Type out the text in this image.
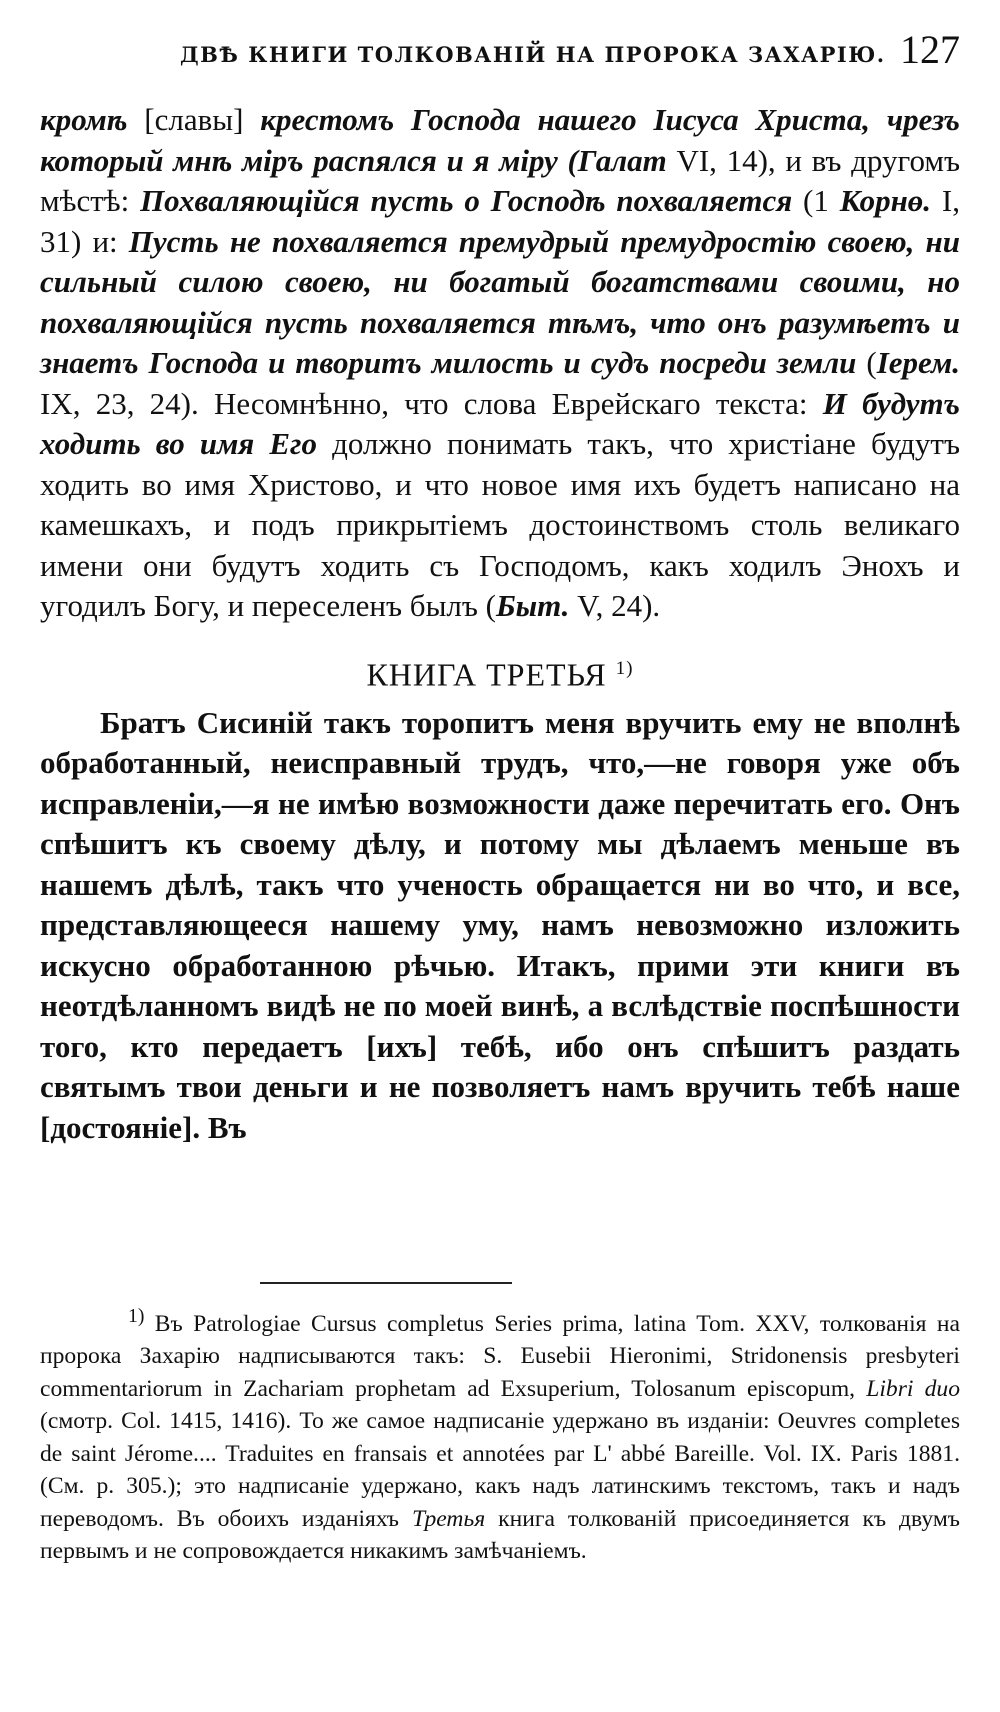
ДВѢ КНИГИ ТОЛКОВАНІЙ НА ПРОРОКА ЗАХАРІЮ. 127

кромѣ [славы] крестомъ Господа нашего Іисуса Христа, чрезъ который мнѣ міръ распялся и я міру (Галат VI, 14), и въ другомъ мѣстѣ: Похваляющійся пусть о Господѣ похваляется (1 Корнө. I, 31) и: Пусть не похваляется премудрый премудростію своею, ни сильный силою своею, ни богатый богатствами своими, но похваляющійся пусть похваляется тѣмъ, что онъ разумѣетъ и знаетъ Господа и творитъ милость и судъ посреди земли (Iерем. IX, 23, 24). Несомнѣнно, что слова Еврейскаго текста: И будутъ ходить во имя Его должно понимать такъ, что христіане будутъ ходить во имя Христово, и что новое имя ихъ будетъ написано на камешкахъ, и подъ прикрытіемъ достоинствомъ столь великаго имени они будутъ ходить съ Господомъ, какъ ходилъ Энохъ и угодилъ Богу, и переселенъ былъ (Быт. V, 24).

КНИГА ТРЕТЬЯ $^{1)}$

Братъ Сисиній такъ торопитъ меня вручить ему не вполнѣ обработанный, неисправный трудъ, что,—не говоря уже объ исправленіи,—я не имѣю возможности даже перечитать его. Онъ спѣшитъ къ своему дѣлу, и потому мы дѣлаемъ меньше въ нашемъ дѣлѣ, такъ что ученость обращается ни во что, и все, представляющееся нашему уму, намъ невозможно изложить искусно обработанною рѣчью. Итакъ, прими эти книги въ неотдѣланномъ видѣ не по моей винѣ, а вслѣдствіе поспѣшности того, кто передаетъ [ихъ] тебѣ, ибо онъ спѣшитъ раздать святымъ твои деньги и не позволяетъ намъ вручить тебѣ наше [достояніе]. Въ

$^{1)}$ Въ Patrologiae Cursus completus Series prima, latina Tom. XXV, толкованія на пророка Захарію надписываются такъ: S. Eusebii Hieronimi, Stridonensis presbyteri commentariorum in Zachariam prophetam ad Exsuperium, Tolosanum episcopum, Libri duo (смотр. Col. 1415, 1416). То же самое надписаніе удержано въ изданіи: Oeuvres completes de saint Jérome.... Traduites en fransais et annotées par L' abbé Bareille. Vol. IX. Paris 1881. (См. p. 305.); это надписаніе удержано, какъ надъ латинскимъ текстомъ, такъ и надъ переводомъ. Въ обоихъ изданіяхъ Третья книга толкованій присоединяется къ двумъ первымъ и не сопровождается никакимъ замѣчаніемъ.
